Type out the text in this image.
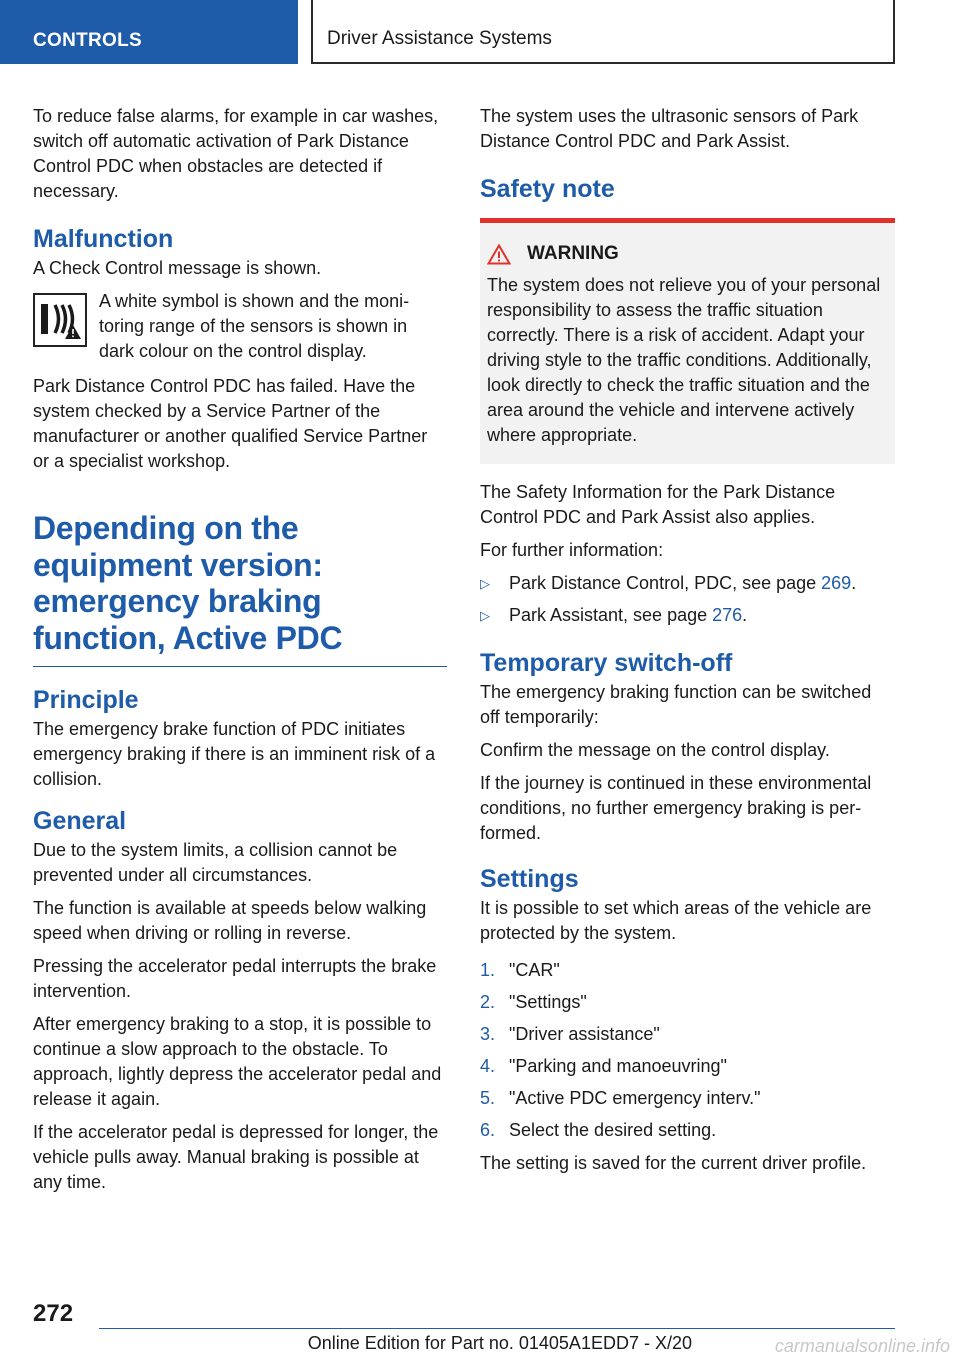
CONTROLS	Driver Assistance Systems

To reduce false alarms, for example in car washes, switch off automatic activation of Park Distance Control PDC when obstacles are detected if necessary.

Malfunction

A Check Control message is shown.

A white symbol is shown and the monitoring range of the sensors is shown in dark colour on the control display.

Park Distance Control PDC has failed. Have the system checked by a Service Partner of the manufacturer or another qualified Service Partner or a specialist workshop.

Depending on the equipment version: emergency braking function, Active PDC
Principle

The emergency brake function of PDC initiates emergency braking if there is an imminent risk of a collision.

General

Due to the system limits, a collision cannot be prevented under all circumstances.

The function is available at speeds below walking speed when driving or rolling in reverse.

Pressing the accelerator pedal interrupts the brake intervention.

After emergency braking to a stop, it is possible to continue a slow approach to the obstacle. To approach, lightly depress the accelerator pedal and release it again.

If the accelerator pedal is depressed for longer, the vehicle pulls away. Manual braking is possible at any time.

The system uses the ultrasonic sensors of Park Distance Control PDC and Park Assist.

Safety note
WARNING

The system does not relieve you of your personal responsibility to assess the traffic situation correctly. There is a risk of accident. Adapt your driving style to the traffic conditions. Additionally, look directly to check the traffic situation and the area around the vehicle and intervene actively where appropriate.

The Safety Information for the Park Distance Control PDC and Park Assist also applies.

For further information:

▷	Park Distance Control, PDC, see page 269.
▷	Park Assistant, see page 276.
Temporary switch-off

The emergency braking function can be switched off temporarily:

Confirm the message on the control display.

If the journey is continued in these environmental conditions, no further emergency braking is performed.

Settings

It is possible to set which areas of the vehicle are protected by the system.

1. "CAR"
2. "Settings"
3. "Driver assistance"
4. "Parking and manoeuvring"
5. "Active PDC emergency interv."
6. Select the desired setting.

The setting is saved for the current driver profile.

272
Online Edition for Part no. 01405A1EDD7 - X/20	carmanualsonline.info
